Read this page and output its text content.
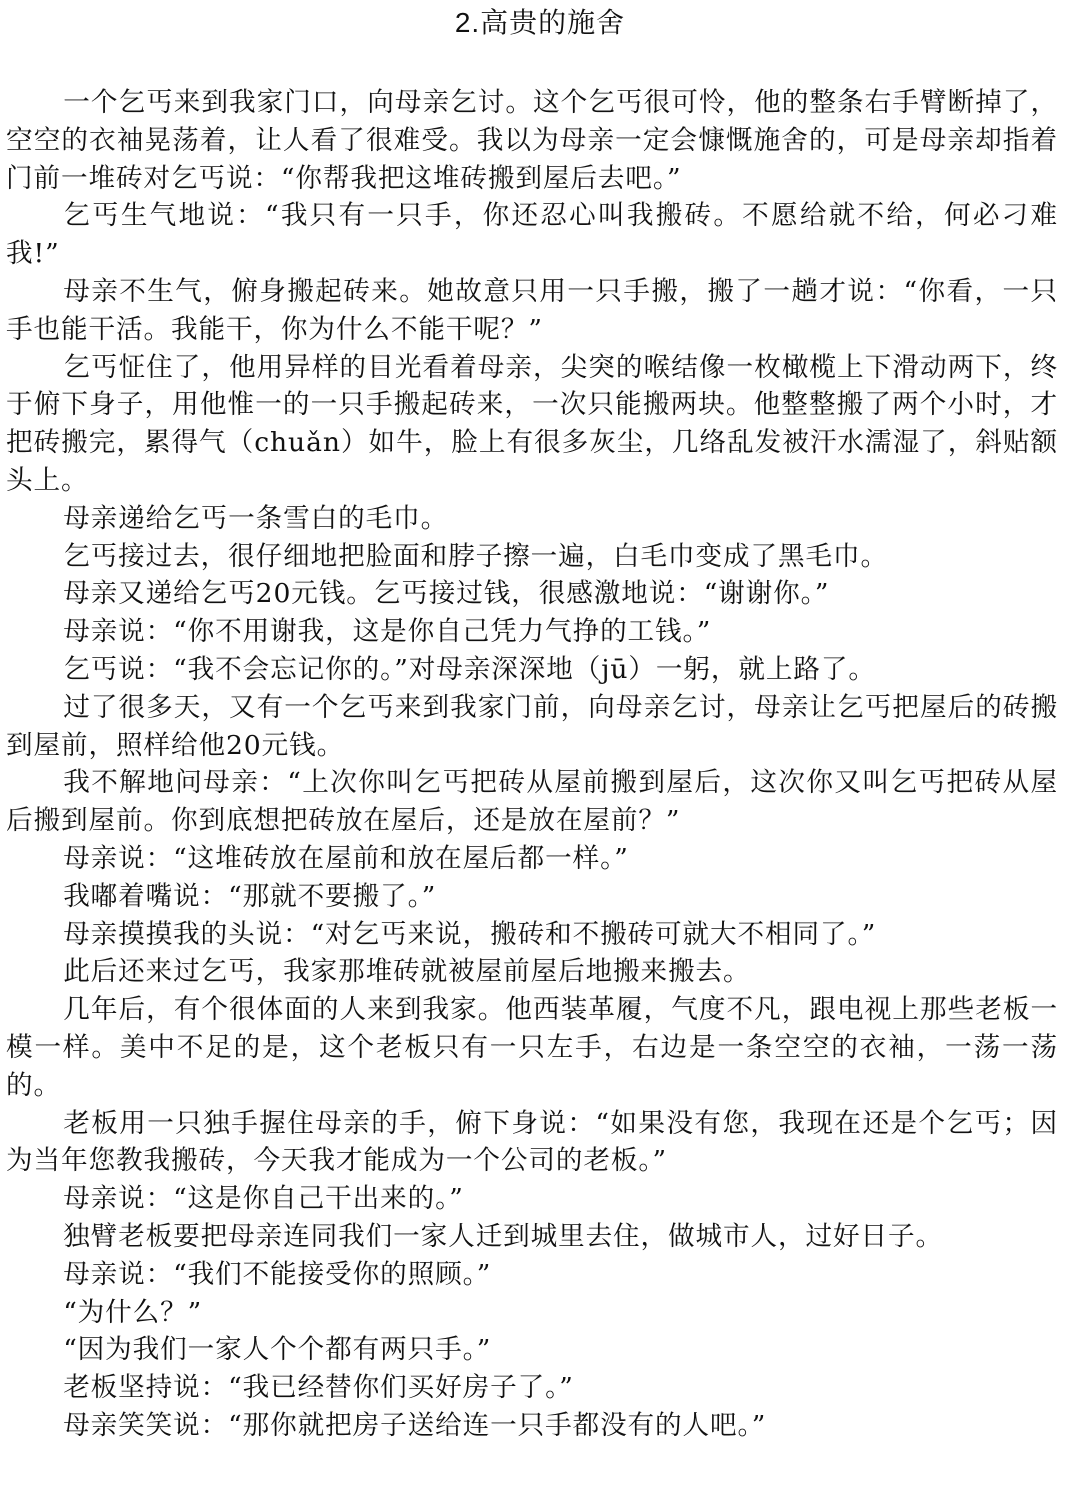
2.高贵的施舍

一个乞丐来到我家门口，向母亲乞讨。这个乞丐很可怜，他的整条右手臂断掉了，空空的衣袖晃荡着，让人看了很难受。我以为母亲一定会慷慨施舍的，可是母亲却指着门前一堆砖对乞丐说：“你帮我把这堆砖搬到屋后去吧。”

乞丐生气地说：“我只有一只手，你还忍心叫我搬砖。不愿给就不给，何必刁难我!”

母亲不生气，俯身搬起砖来。她故意只用一只手搬，搬了一趟才说：“你看，一只手也能干活。我能干，你为什么不能干呢？”

乞丐怔住了，他用异样的目光看着母亲，尖突的喉结像一枚橄榄上下滑动两下，终于俯下身子，用他惟一的一只手搬起砖来，一次只能搬两块。他整整搬了两个小时，才把砖搬完，累得气（chuǎn）如牛，脸上有很多灰尘，几络乱发被汗水濡湿了，斜贴额头上。

母亲递给乞丐一条雪白的毛巾。

乞丐接过去，很仔细地把脸面和脖子擦一遍，白毛巾变成了黑毛巾。

母亲又递给乞丐20元钱。乞丐接过钱，很感激地说：“谢谢你。”

母亲说：“你不用谢我，这是你自己凭力气挣的工钱。”

乞丐说：“我不会忘记你的。”对母亲深深地（jū）一躬，就上路了。

过了很多天，又有一个乞丐来到我家门前，向母亲乞讨，母亲让乞丐把屋后的砖搬到屋前，照样给他20元钱。

我不解地问母亲：“上次你叫乞丐把砖从屋前搬到屋后，这次你又叫乞丐把砖从屋后搬到屋前。你到底想把砖放在屋后，还是放在屋前？”

母亲说：“这堆砖放在屋前和放在屋后都一样。”

我嘟着嘴说：“那就不要搬了。”

母亲摸摸我的头说：“对乞丐来说，搬砖和不搬砖可就大不相同了。”

此后还来过乞丐，我家那堆砖就被屋前屋后地搬来搬去。

几年后，有个很体面的人来到我家。他西装革履，气度不凡，跟电视上那些老板一模一样。美中不足的是，这个老板只有一只左手，右边是一条空空的衣袖，一荡一荡的。

老板用一只独手握住母亲的手，俯下身说：“如果没有您，我现在还是个乞丐；因为当年您教我搬砖，今天我才能成为一个公司的老板。”

母亲说：“这是你自己干出来的。”

独臂老板要把母亲连同我们一家人迁到城里去住，做城市人，过好日子。

母亲说：“我们不能接受你的照顾。”

“为什么？”

“因为我们一家人个个都有两只手。”

老板坚持说：“我已经替你们买好房子了。”

母亲笑笑说：“那你就把房子送给连一只手都没有的人吧。”
